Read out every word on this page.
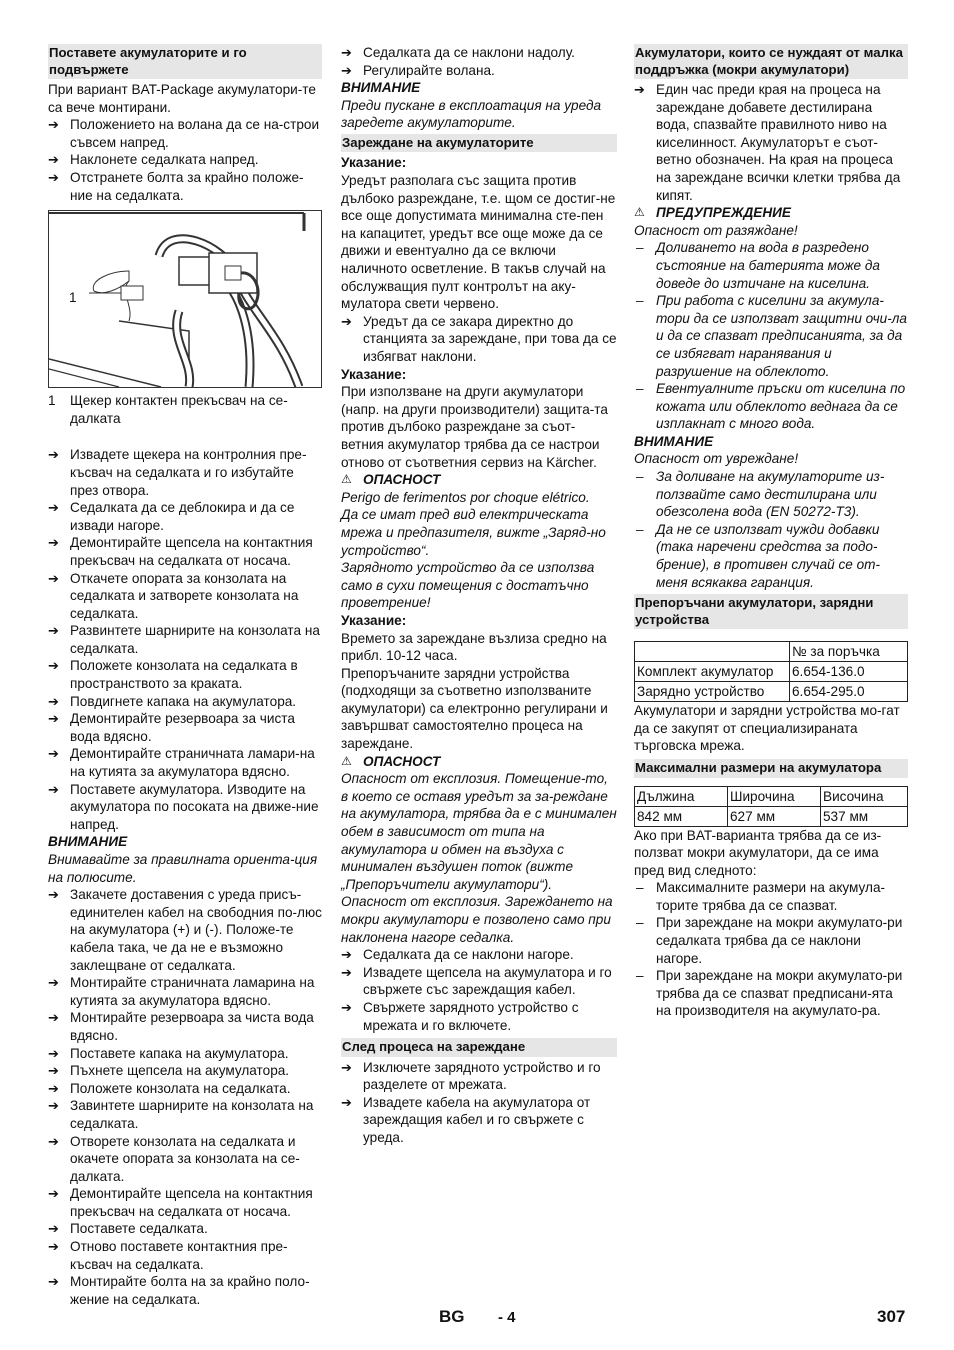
Поставете акумулаторите и го подвържете
При вариант BAT-Package акумулатори-те са вече монтирани.
➔ Положението на волана да се на-строи съвсем напред.
➔ Наклонете седалката напред.
➔ Отстранете болта за крайно положе-ние на седалката.
1
1 Щекер контактен прекъсвач на се-далката
➔ Извадете щекера на контролния пре-късвач на седалката и го избутайте през отвора.
➔ Седалката да се деблокира и да се извади нагоре.
➔ Демонтирайте щепсела на контактния прекъсвач на седалката от носача.
➔ Откачете опората за конзолата на седалката и затворете конзолата на седалката.
➔ Развинтете шарнирите на конзолата на седалката.
➔ Положете конзолата на седалката в пространството за краката.
➔ Повдигнете капака на акумулатора.
➔ Демонтирайте резервоара за чиста вода вдясно.
➔ Демонтирайте страничната ламари-на на кутията за акумулатора вдясно.
➔ Поставете акумулатора. Изводите на акумулатора по посоката на движе-ние напред.
ВНИМАНИЕ
Внимавайте за правилната ориента-ция на полюсите.
➔ Закачете доставения с уреда присъ-единителен кабел на свободния по-люс на акумулатора (+) и (-). Положе-те кабела така, че да не е възможно заклещване от седалката.
➔ Монтирайте страничната ламарина на кутията за акумулатора вдясно.
➔ Монтирайте резервоара за чиста вода вдясно.
➔ Поставете капака на акумулатора.
➔ Пъхнете щепсела на акумулатора.
➔ Положете конзолата на седалката.
➔ Завинтете шарнирите на конзолата на седалката.
➔ Отворете конзолата на седалката и окачете опората за конзолата на се-далката.
➔ Демонтирайте щепсела на контактния прекъсвач на седалката от носача.
➔ Поставете седалката.
➔ Отново поставете контактния пре-късвач на седалката.
➔ Монтирайте болта на за крайно поло-жение на седалката.
➔ Седалката да се наклони надолу.
➔ Регулирайте волана.
ВНИМАНИЕ
Преди пускане в експлоатация на уреда заредете акумулаторите.
Зареждане на акумулаторите
Указание:
Уредът разполага със защита против дълбоко разреждане, т.е. щом се достиг-не все още допустимата минимална сте-пен на капацитет, уредът все още може да се движи и евентуално да се включи наличното осветление. В такъв случай на обслужващия пулт контролът на аку-мулатора свети червено.
➔ Уредът да се закара директно до станцията за зареждане, при това да се избягват наклони.
Указание:
При използване на други акумулатори (напр. на други производители) защита-та против дълбоко разреждане за съот-ветния акумулатор трябва да се настрои отново от съответния сервиз на Kärcher.
⚠ ОПАСНОСТ
Perigo de ferimentos por choque elétrico.
Да се имат пред вид електрическата мрежа и предпазителя, вижте „Заряд-но устройство“.
Зарядното устройство да се използва само в сухи помещения с достатъчно проветрение!
Указание:
Времето за зареждане възлиза средно на прибл. 10-12 часа.
Препоръчаните зарядни устройства (подходящи за съответно използваните акумулатори) са електронно регулирани и завършват самостоятелно процеса на зареждане.
⚠ ОПАСНОСТ
Опасност от експлозия. Помещение-то, в което се оставя уредът за за-реждане на акумулатора, трябва да е с минимален обем в зависимост от типа на акумулатора и обмен на въздуха с минимален въздушен поток (вижте „Препоръчители акумулатори“).
Опасност от експлозия. Зареждането на мокри акумулатори е позволено само при наклонена нагоре седалка.
➔ Седалката да се наклони нагоре.
➔ Извадете щепсела на акумулатора и го свържете със зареждащия кабел.
➔ Свържете зарядното устройство с мрежата и го включете.
След процеса на зареждане
➔ Изключете зарядното устройство и го разделете от мрежата.
➔ Извадете кабела на акумулатора от зареждащия кабел и го свържете с уреда.
Акумулатори, които се нуждаят от малка поддръжка (мокри акумулатори)
➔ Един час преди края на процеса на зареждане добавете дестилирана вода, спазвайте правилното ниво на киселинност. Акумулаторът е съот-ветно обозначен. На края на процеса на зареждане всички клетки трябва да кипят.
⚠ ПРЕДУПРЕЖДЕНИЕ
Опасност от разяждане!
– Доливането на вода в разредено състояние на батерията може да доведе до изтичане на киселина.
– При работа с киселини за акумула-тори да се използват защитни очи-ла и да се спазват предписанията, за да се избягват наранявания и разрушение на облеклото.
– Евентуалните пръски от киселина по кожата или облеклото веднага да се изплакнат с много вода.
ВНИМАНИЕ
Опасност от увреждане!
– За доливане на акумулаторите из-ползвайте само дестилирана или обезсолена вода (EN 50272-T3).
– Да не се използват чужди добавки (така наречени средства за подо-брение), в противен случай се от-меня всякаква гаранция.
Препоръчани акумулатори, зарядни устройства
	№ за поръчка
Комплект акумулатор	6.654-136.0
Зарядно устройство	6.654-295.0
Акумулатори и зарядни устройства мо-гат да се закупят от специализираната търговска мрежа.
Максимални размери на акумулатора
Дължина	Широчина	Височина
842 мм	627 мм	537 мм
Ако при BAT-варианта трябва да се из-ползват мокри акумулатори, да се има пред вид следното:
– Максималните размери на акумула-торите трябва да се спазват.
– При зареждане на мокри акумулато-ри седалката трябва да се наклони нагоре.
– При зареждане на мокри акумулато-ри трябва да се спазват предписани-ята на производителя на акумулато-ра.
BG - 4	307
